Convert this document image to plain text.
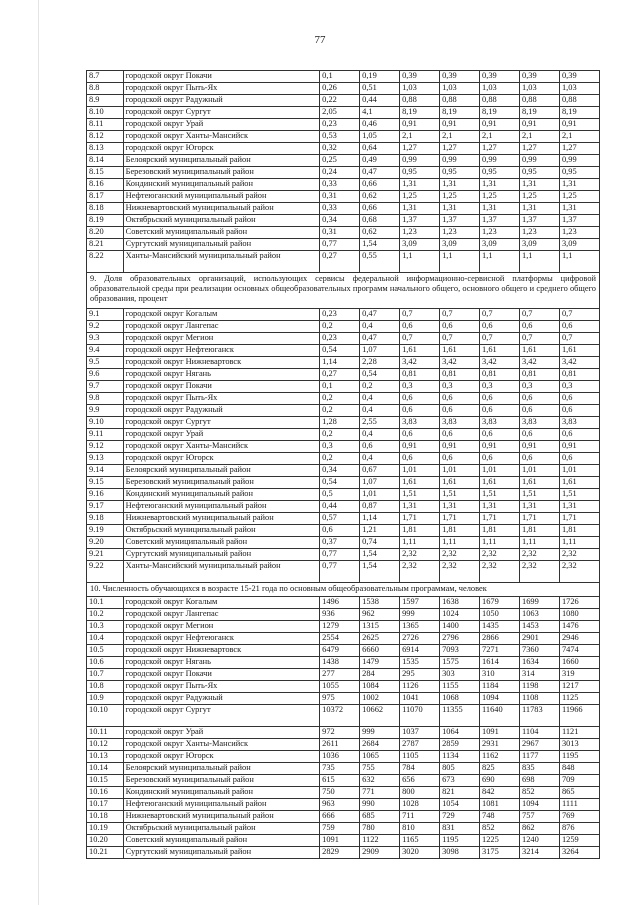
77
8.7	городской округ Покачи	0,1	0,19	0,39	0,39	0,39	0,39	0,39
8.8	городской округ Пыть-Ях	0,26	0,51	1,03	1,03	1,03	1,03	1,03
8.9	городской округ Радужный	0,22	0,44	0,88	0,88	0,88	0,88	0,88
8.10	городской округ Сургут	2,05	4,1	8,19	8,19	8,19	8,19	8,19
8.11	городской округ Урай	0,23	0,46	0,91	0,91	0,91	0,91	0,91
8.12	городской округ Ханты-Мансийск	0,53	1,05	2,1	2,1	2,1	2,1	2,1
8.13	городской округ Югорск	0,32	0,64	1,27	1,27	1,27	1,27	1,27
8.14	Белоярский муниципальный район	0,25	0,49	0,99	0,99	0,99	0,99	0,99
8.15	Березовский муниципальный район	0,24	0,47	0,95	0,95	0,95	0,95	0,95
8.16	Кондинский муниципальный район	0,33	0,66	1,31	1,31	1,31	1,31	1,31
8.17	Нефтеюганский муниципальный район	0,31	0,62	1,25	1,25	1,25	1,25	1,25
8.18	Нижневартовский муниципальный район	0,33	0,66	1,31	1,31	1,31	1,31	1,31
8.19	Октябрьский муниципальный район	0,34	0,68	1,37	1,37	1,37	1,37	1,37
8.20	Советский муниципальный район	0,31	0,62	1,23	1,23	1,23	1,23	1,23
8.21	Сургутский муниципальный район	0,77	1,54	3,09	3,09	3,09	3,09	3,09
8.22	Ханты-Мансийский муниципальный район	0,27	0,55	1,1	1,1	1,1	1,1	1,1
9. Доля образовательных организаций, использующих сервисы федеральной информационно-сервисной платформы цифровой образовательной среды при реализации основных общеобразовательных программ начального общего, основного общего и среднего общего образования, процент								
9.1	городской округ Когалым	0,23	0,47	0,7	0,7	0,7	0,7	0,7
9.2	городской округ Лангепас	0,2	0,4	0,6	0,6	0,6	0,6	0,6
9.3	городской округ Мегион	0,23	0,47	0,7	0,7	0,7	0,7	0,7
9.4	городской округ Нефтеюганск	0,54	1,07	1,61	1,61	1,61	1,61	1,61
9.5	городской округ Нижневартовск	1,14	2,28	3,42	3,42	3,42	3,42	3,42
9.6	городской округ Нягань	0,27	0,54	0,81	0,81	0,81	0,81	0,81
9.7	городской округ Покачи	0,1	0,2	0,3	0,3	0,3	0,3	0,3
9.8	городской округ Пыть-Ях	0,2	0,4	0,6	0,6	0,6	0,6	0,6
9.9	городской округ Радужный	0,2	0,4	0,6	0,6	0,6	0,6	0,6
9.10	городской округ Сургут	1,28	2,55	3,83	3,83	3,83	3,83	3,83
9.11	городской округ Урай	0,2	0,4	0,6	0,6	0,6	0,6	0,6
9.12	городской округ Ханты-Мансийск	0,3	0,6	0,91	0,91	0,91	0,91	0,91
9.13	городской округ Югорск	0,2	0,4	0,6	0,6	0,6	0,6	0,6
9.14	Белоярский муниципальный район	0,34	0,67	1,01	1,01	1,01	1,01	1,01
9.15	Березовский муниципальный район	0,54	1,07	1,61	1,61	1,61	1,61	1,61
9.16	Кондинский муниципальный район	0,5	1,01	1,51	1,51	1,51	1,51	1,51
9.17	Нефтеюганский муниципальный район	0,44	0,87	1,31	1,31	1,31	1,31	1,31
9.18	Нижневартовский муниципальный район	0,57	1,14	1,71	1,71	1,71	1,71	1,71
9.19	Октябрьский муниципальный район	0,6	1,21	1,81	1,81	1,81	1,81	1,81
9.20	Советский муниципальный район	0,37	0,74	1,11	1,11	1,11	1,11	1,11
9.21	Сургутский муниципальный район	0,77	1,54	2,32	2,32	2,32	2,32	2,32
9.22	Ханты-Мансийский муниципальный район	0,77	1,54	2,32	2,32	2,32	2,32	2,32
10. Численность обучающихся в возрасте 15-21 года по основным общеобразовательным программам, человек								
10.1	городской округ Когалым	1496	1538	1597	1638	1679	1699	1726
10.2	городской округ Лангепас	936	962	999	1024	1050	1063	1080
10.3	городской округ Мегион	1279	1315	1365	1400	1435	1453	1476
10.4	городской округ Нефтеюганск	2554	2625	2726	2796	2866	2901	2946
10.5	городской округ Нижневартовск	6479	6660	6914	7093	7271	7360	7474
10.6	городской округ Нягань	1438	1479	1535	1575	1614	1634	1660
10.7	городской округ Покачи	277	284	295	303	310	314	319
10.8	городской округ Пыть-Ях	1055	1084	1126	1155	1184	1198	1217
10.9	городской округ Радужный	975	1002	1041	1068	1094	1108	1125
10.10	городской округ Сургут	10372	10662	11070	11355	11640	11783	11966
10.11	городской округ Урай	972	999	1037	1064	1091	1104	1121
10.12	городской округ Ханты-Мансийск	2611	2684	2787	2859	2931	2967	3013
10.13	городской округ Югорск	1036	1065	1105	1134	1162	1177	1195
10.14	Белоярский муниципальный район	735	755	784	805	825	835	848
10.15	Березовский муниципальный район	615	632	656	673	690	698	709
10.16	Кондинский муниципальный район	750	771	800	821	842	852	865
10.17	Нефтеюганский муниципальный район	963	990	1028	1054	1081	1094	1111
10.18	Нижневартовский муниципальный район	666	685	711	729	748	757	769
10.19	Октябрьский муниципальный район	759	780	810	831	852	862	876
10.20	Советский муниципальный район	1091	1122	1165	1195	1225	1240	1259
10.21	Сургутский муниципальный район	2829	2909	3020	3098	3175	3214	3264
